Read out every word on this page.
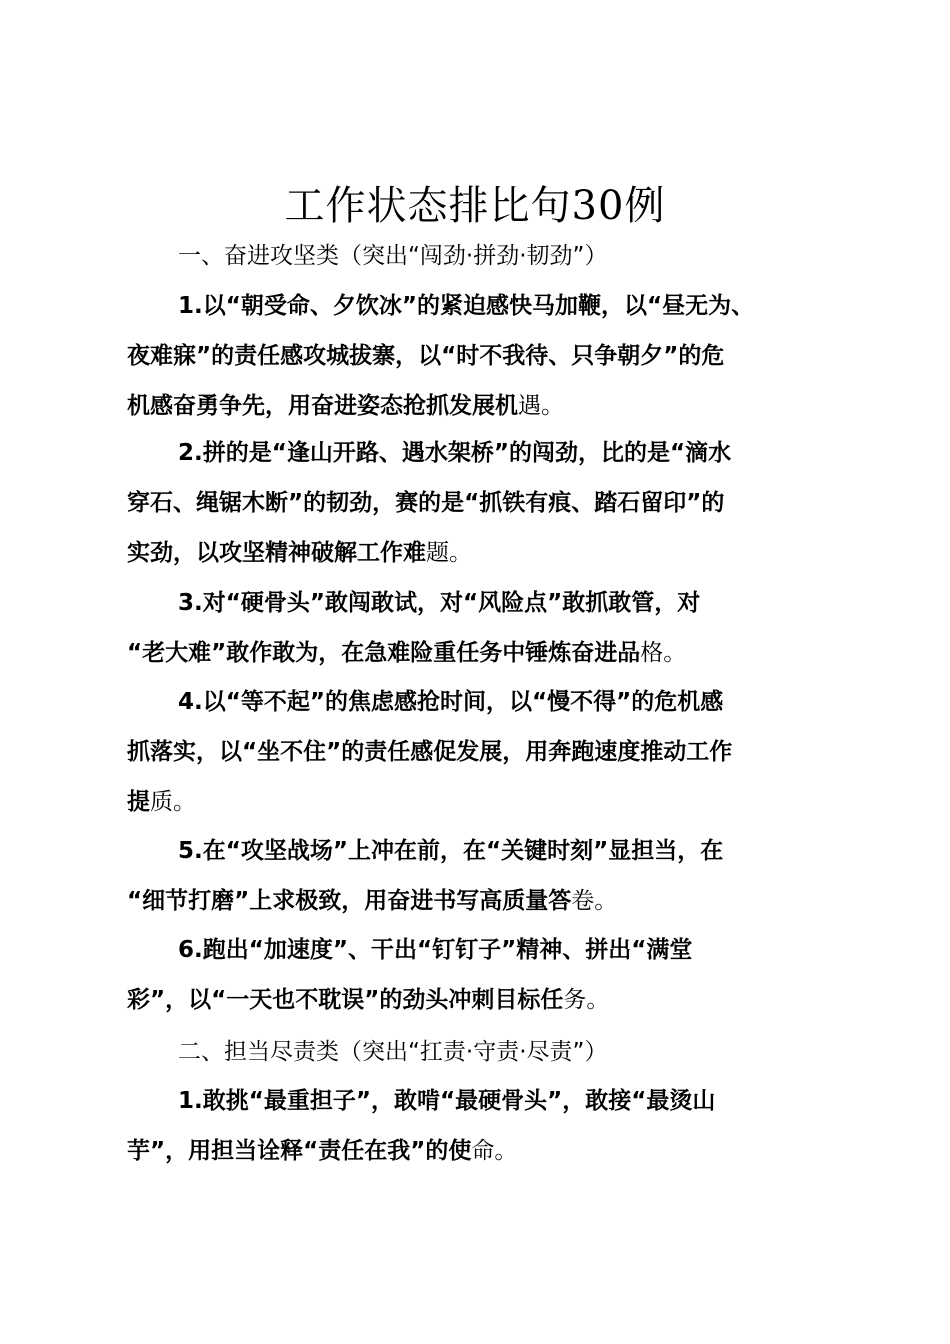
工作状态排比句30例
一、奋进攻坚类（突出“闯劲·拼劲·韧劲”）
1.以“朝受命、夕饮冰”的紧迫感快马加鞭，以“昼无为、
夜难寐”的责任感攻城拔寨，以“时不我待、只争朝夕”的危
机感奋勇争先，用奋进姿态抢抓发展机遇。
2.拼的是“逢山开路、遇水架桥”的闯劲，比的是“滴水
穿石、绳锯木断”的韧劲，赛的是“抓铁有痕、踏石留印”的
实劲，以攻坚精神破解工作难题。
3.对“硬骨头”敢闯敢试，对“风险点”敢抓敢管，对
“老大难”敢作敢为，在急难险重任务中锤炼奋进品格。
4.以“等不起”的焦虑感抢时间，以“慢不得”的危机感
抓落实，以“坐不住”的责任感促发展，用奔跑速度推动工作
提质。
5.在“攻坚战场”上冲在前，在“关键时刻”显担当，在
“细节打磨”上求极致，用奋进书写高质量答卷。
6.跑出“加速度”、干出“钉钉子”精神、拼出“满堂
彩”，以“一天也不耽误”的劲头冲刺目标任务。
二、担当尽责类（突出“扛责·守责·尽责”）
1.敢挑“最重担子”，敢啃“最硬骨头”，敢接“最烫山
芋”，用担当诠释“责任在我”的使命。
